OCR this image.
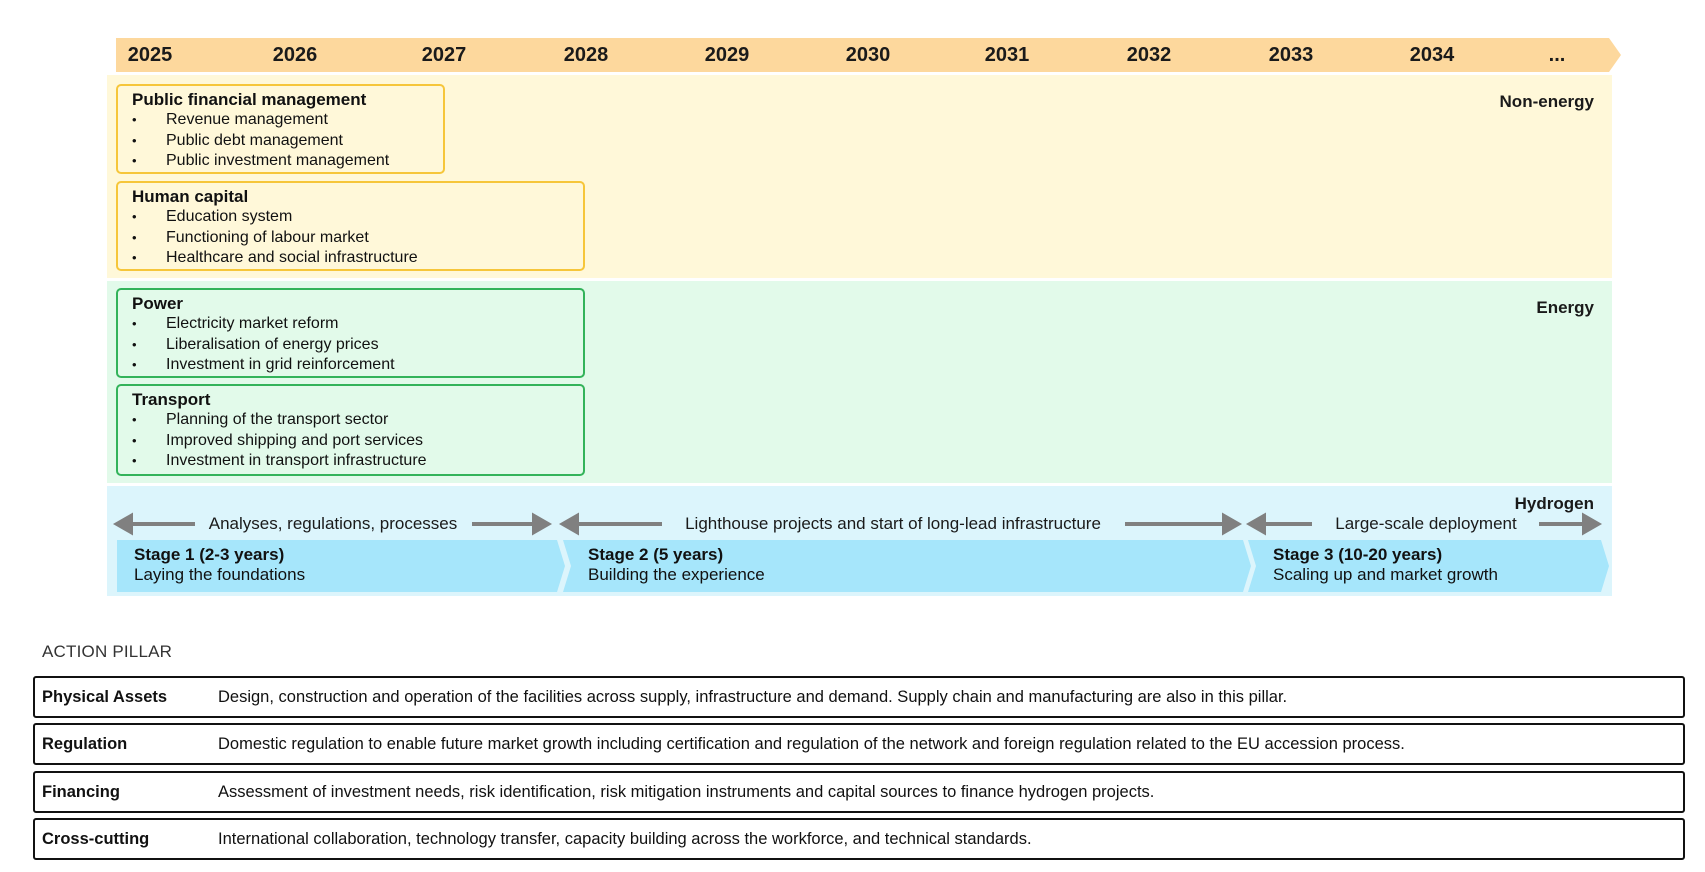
2025	2026	2027	2028	2029	2030	2031	2032	2033	2034	...
Non-energy
Energy
Hydrogen
Public financial management
• Revenue management
• Public debt management
• Public investment management
Human capital
• Education system
• Functioning of labour market
• Healthcare and social infrastructure
Power
• Electricity market reform
• Liberalisation of energy prices
• Investment in grid reinforcement
Transport
• Planning of the transport sector
• Improved shipping and port services
• Investment in transport infrastructure
Analyses, regulations, processes	Lighthouse projects and start of long-lead infrastructure	Large-scale deployment
Stage 1 (2-3 years)
Laying the foundations
Stage 2 (5 years)
Building the experience
Stage 3 (10-20 years)
Scaling up and market growth
ACTION PILLAR
Physical Assets	Design, construction and operation of the facilities across supply, infrastructure and demand. Supply chain and manufacturing are also in this pillar.
Regulation	Domestic regulation to enable future market growth including certification and regulation of the network and foreign regulation related to the EU accession process.
Financing	Assessment of investment needs, risk identification, risk mitigation instruments and capital sources to finance hydrogen projects.
Cross-cutting	International collaboration, technology transfer, capacity building across the workforce, and technical standards.
